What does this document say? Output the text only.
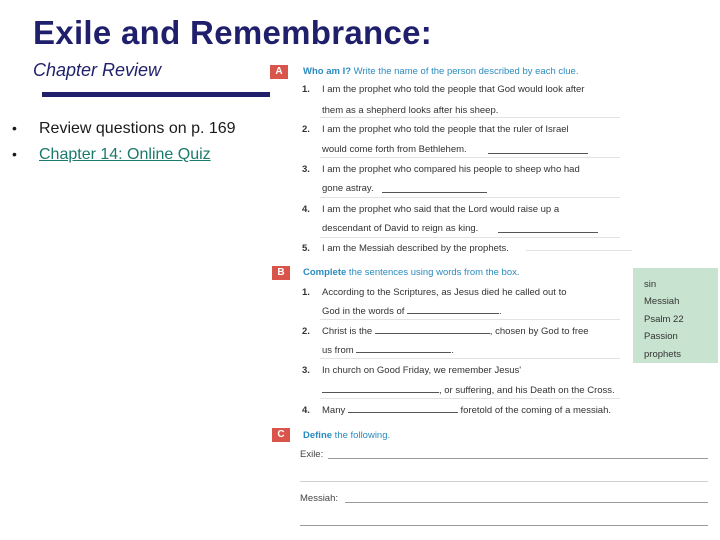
Exile and Remembrance:
Chapter Review
•	Review questions on p. 169
•	Chapter 14: Online Quiz
A	Who am I? Write the name of the person described by each clue.
1. I am the prophet who told the people that God would look after
them as a shepherd looks after his sheep.
2. I am the prophet who told the people that the ruler of Israel
would come forth from Bethlehem.
3. I am the prophet who compared his people to sheep who had
gone astray.
4. I am the prophet who said that the Lord would raise up a
descendant of David to reign as king.
5. I am the Messiah described by the prophets.
B	Complete the sentences using words from the box.
1. According to the Scriptures, as Jesus died he called out to
God in the words of	.
2. Christ is the	, chosen by God to free
us from	.
3. In church on Good Friday, we remember Jesus'
, or suffering, and his Death on the Cross.
4. Many	foretold of the coming of a messiah.
sin
Messiah
Psalm 22
Passion
prophets
C	Define the following.
Exile:
Messiah:
